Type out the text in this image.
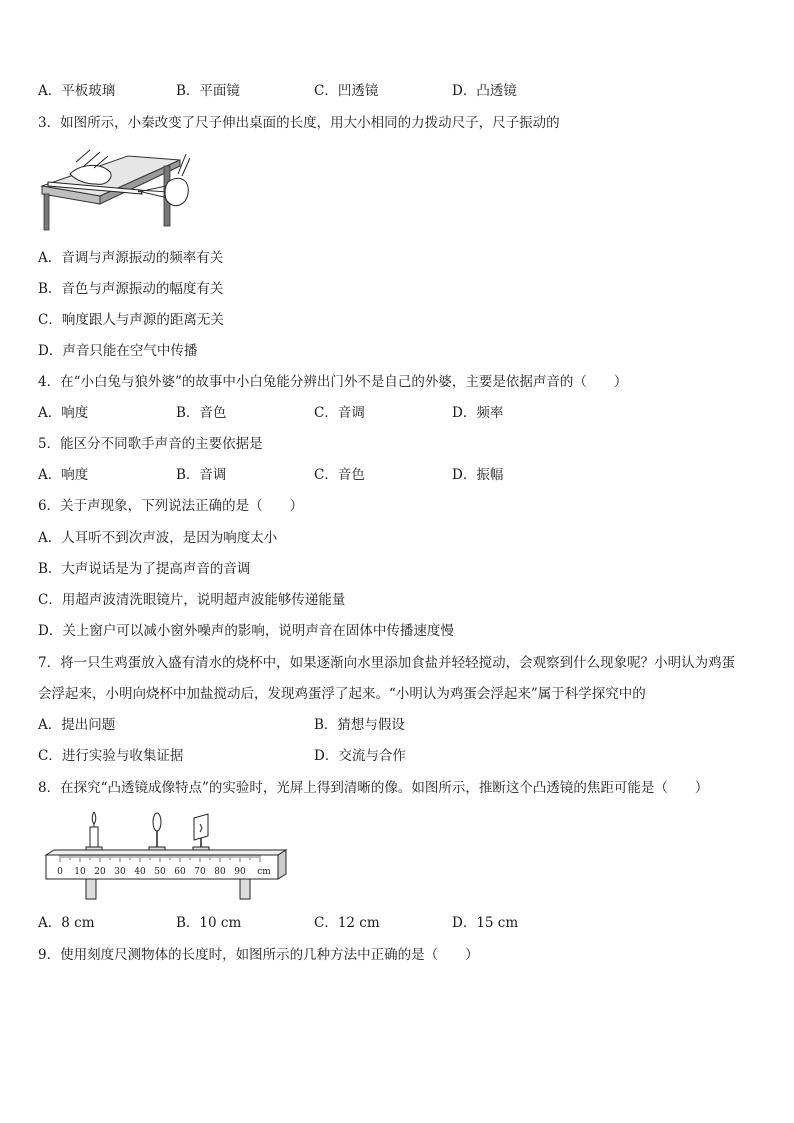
A．平板玻璃	B．平面镜	C．凹透镜	D．凸透镜
3．如图所示，小秦改变了尺子伸出桌面的长度，用大小相同的力拨动尺子，尺子振动的
A．音调与声源振动的频率有关
B．音色与声源振动的幅度有关
C．响度跟人与声源的距离无关
D．声音只能在空气中传播
4．在“小白兔与狼外婆”的故事中小白兔能分辨出门外不是自己的外婆，主要是依据声音的（　　）
A．响度	B．音色	C．音调	D．频率
5．能区分不同歌手声音的主要依据是
A．响度	B．音调	C．音色	D．振幅
6．关于声现象，下列说法正确的是（　　）
A．人耳听不到次声波，是因为响度太小
B．大声说话是为了提高声音的音调
C．用超声波清洗眼镜片，说明超声波能够传递能量
D．关上窗户可以减小窗外噪声的影响，说明声音在固体中传播速度慢
7．将一只生鸡蛋放入盛有清水的烧杯中，如果逐渐向水里添加食盐并轻轻搅动，会观察到什么现象呢？小明认为鸡蛋
会浮起来，小明向烧杯中加盐搅动后，发现鸡蛋浮了起来。“小明认为鸡蛋会浮起来”属于科学探究中的
A．提出问题	B．猜想与假设
C．进行实验与收集证据	D．交流与合作
8．在探究“凸透镜成像特点”的实验时，光屏上得到清晰的像。如图所示，推断这个凸透镜的焦距可能是（　　）
0 10 20 30 40 50 60 70 80 90 cm
A．8 cm	B．10 cm	C．12 cm	D．15 cm
9．使用刻度尺测物体的长度时，如图所示的几种方法中正确的是（　　）
